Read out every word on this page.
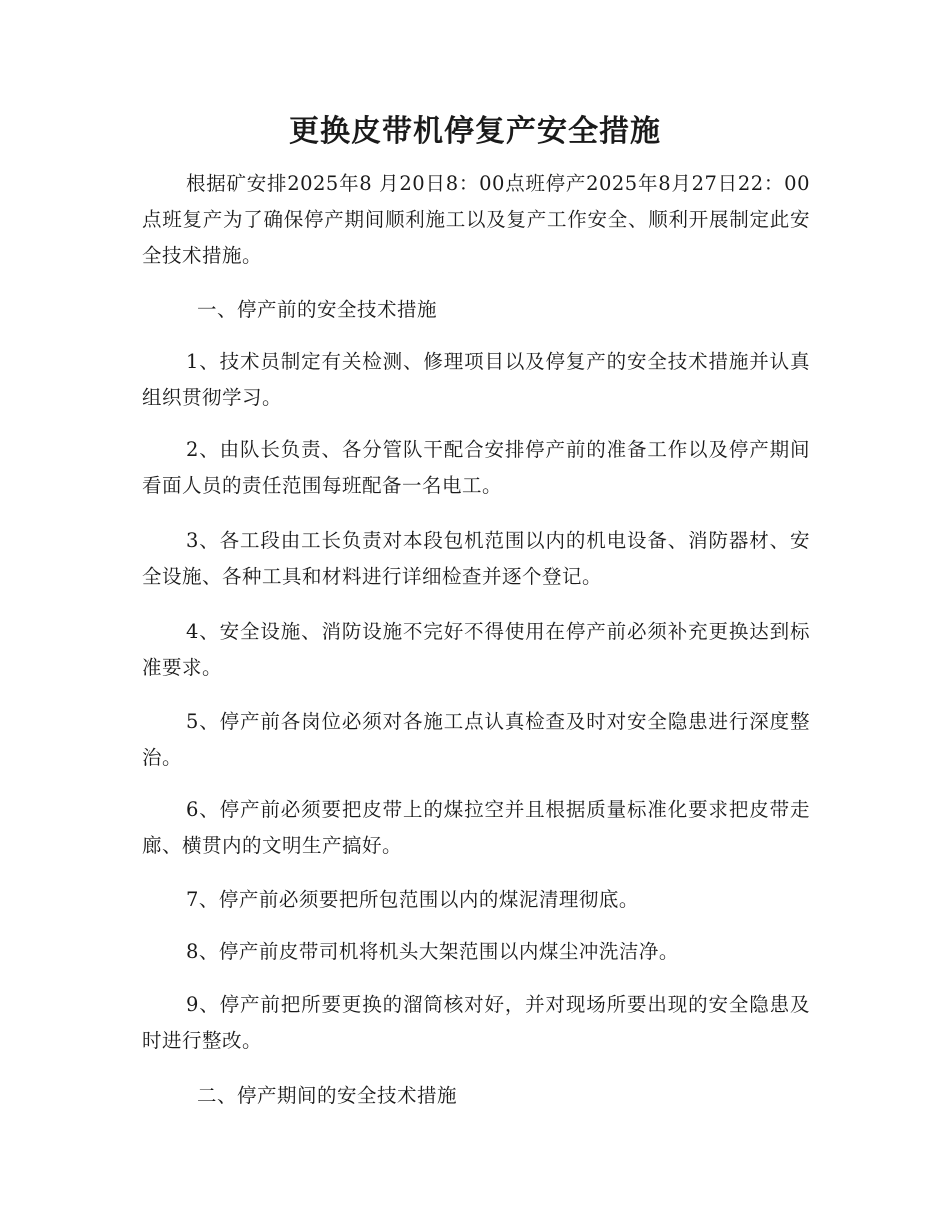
更换皮带机停复产安全措施

根据矿安排2025年8 月20日8：00点班停产2025年8月27日22：00点班复产为了确保停产期间顺利施工以及复产工作安全、顺利开展制定此安全技术措施。

一、停产前的安全技术措施

1、技术员制定有关检测、修理项目以及停复产的安全技术措施并认真组织贯彻学习。

2、由队长负责、各分管队干配合安排停产前的准备工作以及停产期间看面人员的责任范围每班配备一名电工。

3、各工段由工长负责对本段包机范围以内的机电设备、消防器材、安全设施、各种工具和材料进行详细检查并逐个登记。

4、安全设施、消防设施不完好不得使用在停产前必须补充更换达到标准要求。

5、停产前各岗位必须对各施工点认真检查及时对安全隐患进行深度整治。

6、停产前必须要把皮带上的煤拉空并且根据质量标准化要求把皮带走廊、横贯内的文明生产搞好。

7、停产前必须要把所包范围以内的煤泥清理彻底。

8、停产前皮带司机将机头大架范围以内煤尘冲洗洁净。

9、停产前把所要更换的溜筒核对好，并对现场所要出现的安全隐患及时进行整改。

二、停产期间的安全技术措施
